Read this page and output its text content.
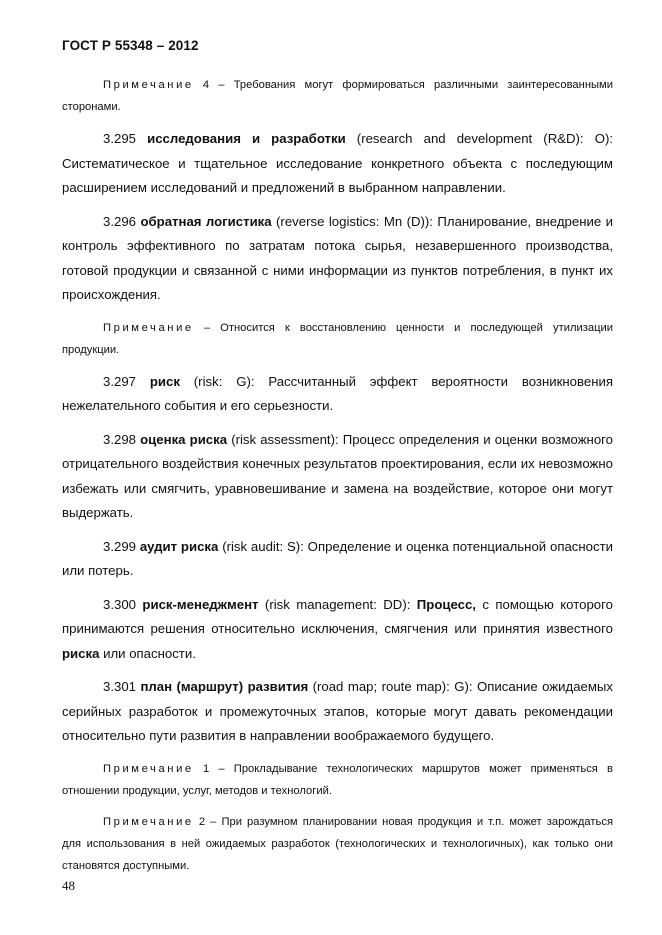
ГОСТ Р 55348 – 2012

Примечание 4 – Требования могут формироваться различными заинтересованными сторонами.

3.295 исследования и разработки (research and development (R&D): O): Систематическое и тщательное исследование конкретного объекта с последующим расширением исследований и предложений в выбранном направлении.

3.296 обратная логистика (reverse logistics: Mn (D)): Планирование, внедрение и контроль эффективного по затратам потока сырья, незавершенного производства, готовой продукции и связанной с ними информации из пунктов потребления, в пункт их происхождения.

Примечание – Относится к восстановлению ценности и последующей утилизации продукции.

3.297 риск (risk: G): Рассчитанный эффект вероятности возникновения нежелательного события и его серьезности.

3.298 оценка риска (risk assessment): Процесс определения и оценки возможного отрицательного воздействия конечных результатов проектирования, если их невозможно избежать или смягчить, уравновешивание и замена на воздействие, которое они могут выдержать.

3.299 аудит риска (risk audit: S): Определение и оценка потенциальной опасности или потерь.

3.300 риск-менеджмент (risk management: DD): Процесс, с помощью которого принимаются решения относительно исключения, смягчения или принятия известного риска или опасности.

3.301 план (маршрут) развития (road map; route map): G): Описание ожидаемых серийных разработок и промежуточных этапов, которые могут давать рекомендации относительно пути развития в направлении воображаемого будущего.

Примечание 1 – Прокладывание технологических маршрутов может применяться в отношении продукции, услуг, методов и технологий.

Примечание 2 – При разумном планировании новая продукция и т.п. может зарождаться для использования в ней ожидаемых разработок (технологических и технологичных), как только они становятся доступными.

48
